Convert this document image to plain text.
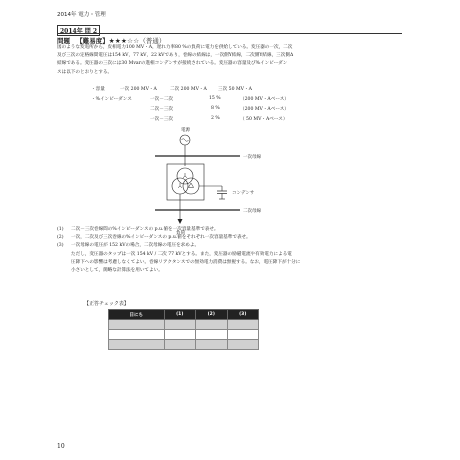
2014年 電力・管理
2014年 問 2
問題 【難易度】★★★☆☆（普通）
図のような変電所から，皮相電力100 MV・A，遅れ力率80 %の負荷に電力を供給している。変圧器の一次，二次
及び三次の定格線間電圧は154 kV，77 kV，22 kVであり，巻線の結線は，一次側Y結線，二次側Y結線，三次側Δ
結線である。変圧器の三次には30 Mvarの進相コンデンサが接続されている。変圧器の容量及び%インピーダン
スは以下のとおりとする。
・容量	一次 200 MV・A	二次 200 MV・A 三次 50 MV・A
・%インピーダンス	一次－二次	15 %	（200 MV・Aベース）
二次－三次	8 %	（200 MV・Aベース）
一次－三次	2 %	（ 50 MV・Aベース）
電源
一次母線
コンデンサ
二次母線
負荷
(1) 二次－三次巻線間の%インピーダンスの p.u.値を一次容量基準で表せ。
(2) 一次，二次及び三次巻線の%インピーダンスの p.u.値をそれぞれ一次容量基準で表せ。
(3) 一次母線の電圧が 152 kVの場合，二次母線の電圧を求めよ。
ただし，変圧器のタップは一次 154 kV / 二次 77 kVとする。また，変圧器の励磁電流や有効電力による電
圧降下への影響は考慮しなくてよい。巻線リアクタンスでの無効電力消費は無視する。なお，電圧降下が十分に
小さいとして，簡略な計算法を用いてよい。
【正答チェック表】
日にち	(1)	(2)	(3)

10
